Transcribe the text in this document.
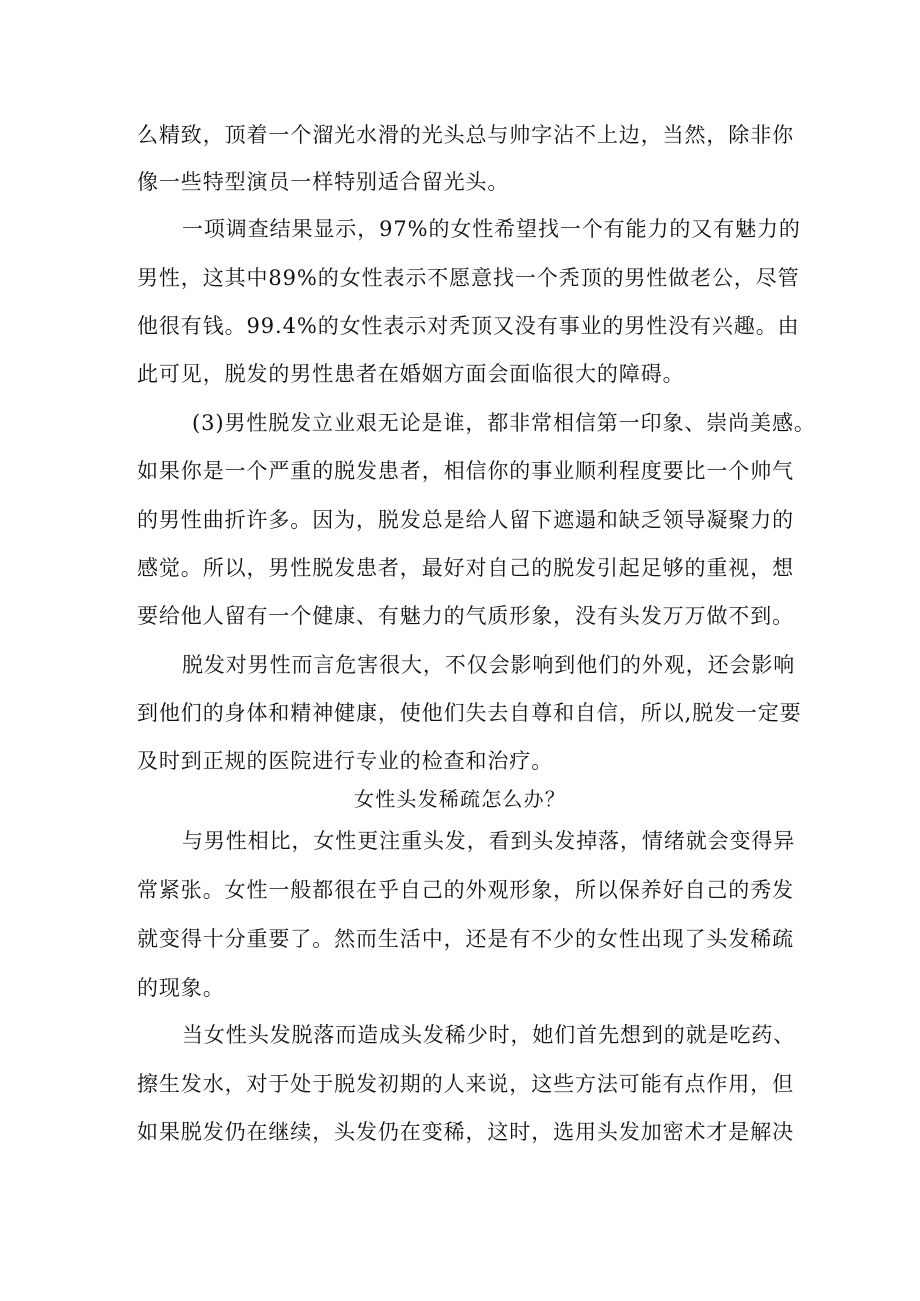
么精致，顶着一个溜光水滑的光头总与帅字沾不上边，当然，除非你
像一些特型演员一样特别适合留光头。
一项调查结果显示，97%的女性希望找一个有能力的又有魅力的
男性，这其中89%的女性表示不愿意找一个秃顶的男性做老公，尽管
他很有钱。99.4%的女性表示对秃顶又没有事业的男性没有兴趣。由
此可见，脱发的男性患者在婚姻方面会面临很大的障碍。
(3)男性脱发立业艰无论是谁，都非常相信第一印象、崇尚美感。
如果你是一个严重的脱发患者，相信你的事业顺利程度要比一个帅气
的男性曲折许多。因为，脱发总是给人留下遮遢和缺乏领导凝聚力的
感觉。所以，男性脱发患者，最好对自己的脱发引起足够的重视，想
要给他人留有一个健康、有魅力的气质形象，没有头发万万做不到。
脱发对男性而言危害很大，不仅会影响到他们的外观，还会影响
到他们的身体和精神健康，使他们失去自尊和自信，所以,脱发一定要
及时到正规的医院进行专业的检查和治疗。
女性头发稀疏怎么办？
与男性相比，女性更注重头发，看到头发掉落，情绪就会变得异
常紧张。女性一般都很在乎自己的外观形象，所以保养好自己的秀发
就变得十分重要了。然而生活中，还是有不少的女性出现了头发稀疏
的现象。
当女性头发脱落而造成头发稀少时，她们首先想到的就是吃药、
擦生发水，对于处于脱发初期的人来说，这些方法可能有点作用，但
如果脱发仍在继续，头发仍在变稀，这时，选用头发加密术才是解决
